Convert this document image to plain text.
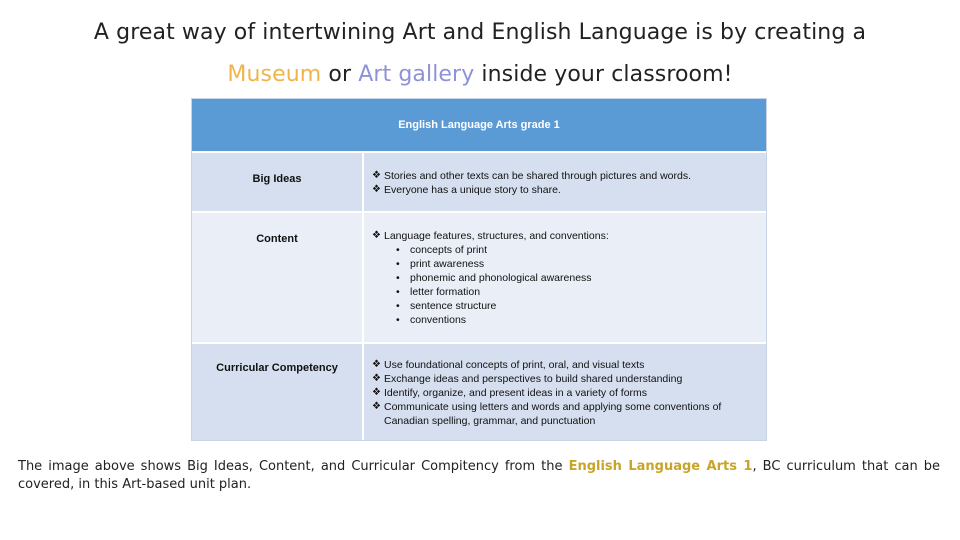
A great way of intertwining Art and English Language is by creating a
Museum or Art gallery inside your classroom!
English Language Arts grade 1
Big Ideas	❖ Stories and other texts can be shared through pictures and words.
❖ Everyone has a unique story to share.
Content	❖ Language features, structures, and conventions:
• concepts of print
• print awareness
• phonemic and phonological awareness
• letter formation
• sentence structure
• conventions
Curricular Competency	❖ Use foundational concepts of print, oral, and visual texts
❖ Exchange ideas and perspectives to build shared understanding
❖ Identify, organize, and present ideas in a variety of forms
❖ Communicate using letters and words and applying some conventions of Canadian spelling, grammar, and punctuation
The image above shows Big Ideas, Content, and Curricular Compitency from the English Language Arts 1, BC curriculum that can be covered, in this Art-based unit plan.
